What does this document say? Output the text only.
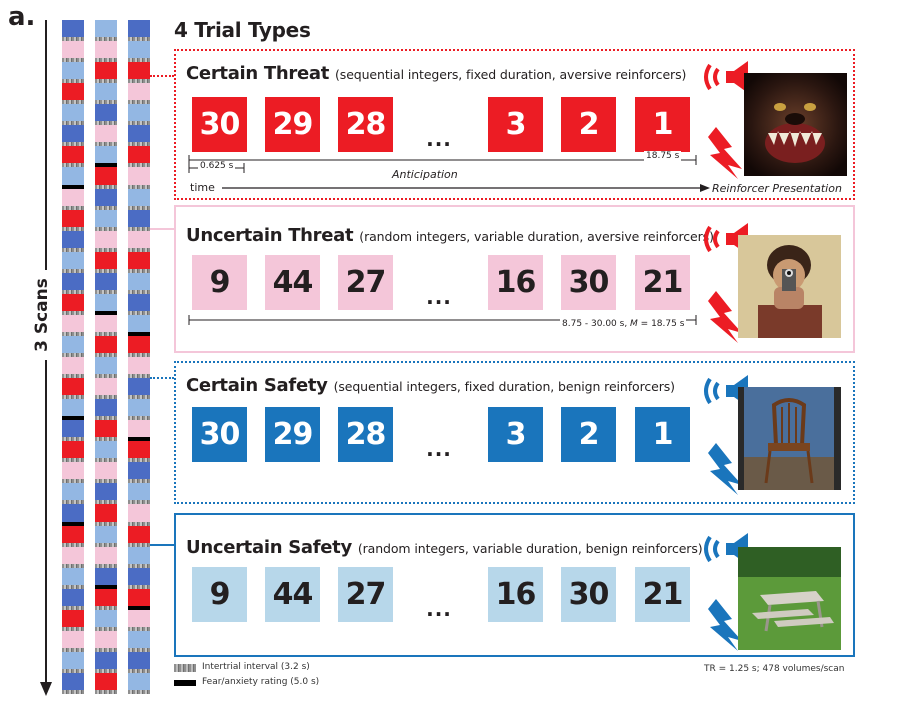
a.	4 Trial Types
3 Scans
Certain Threat (sequential integers, fixed duration, aversive reinforcers)
30 29 28	...	3	2	1
0.625 s
18.75 s
time
Anticipation
Reinforcer Presentation
Uncertain Threat (random integers, variable duration, aversive reinforcers)
9	44 27	... 16 30 21
8.75 - 30.00 s, M = 18.75 s
Certain Safety (sequential integers, fixed duration, benign reinforcers)
30 29 28	...	3	2	1
Uncertain Safety (random integers, variable duration, benign reinforcers)
9	44 27	... 16 30 21
Intertrial interval (3.2 s)
Fear/anxiety rating (5.0 s)
TR = 1.25 s; 478 volumes/scan
